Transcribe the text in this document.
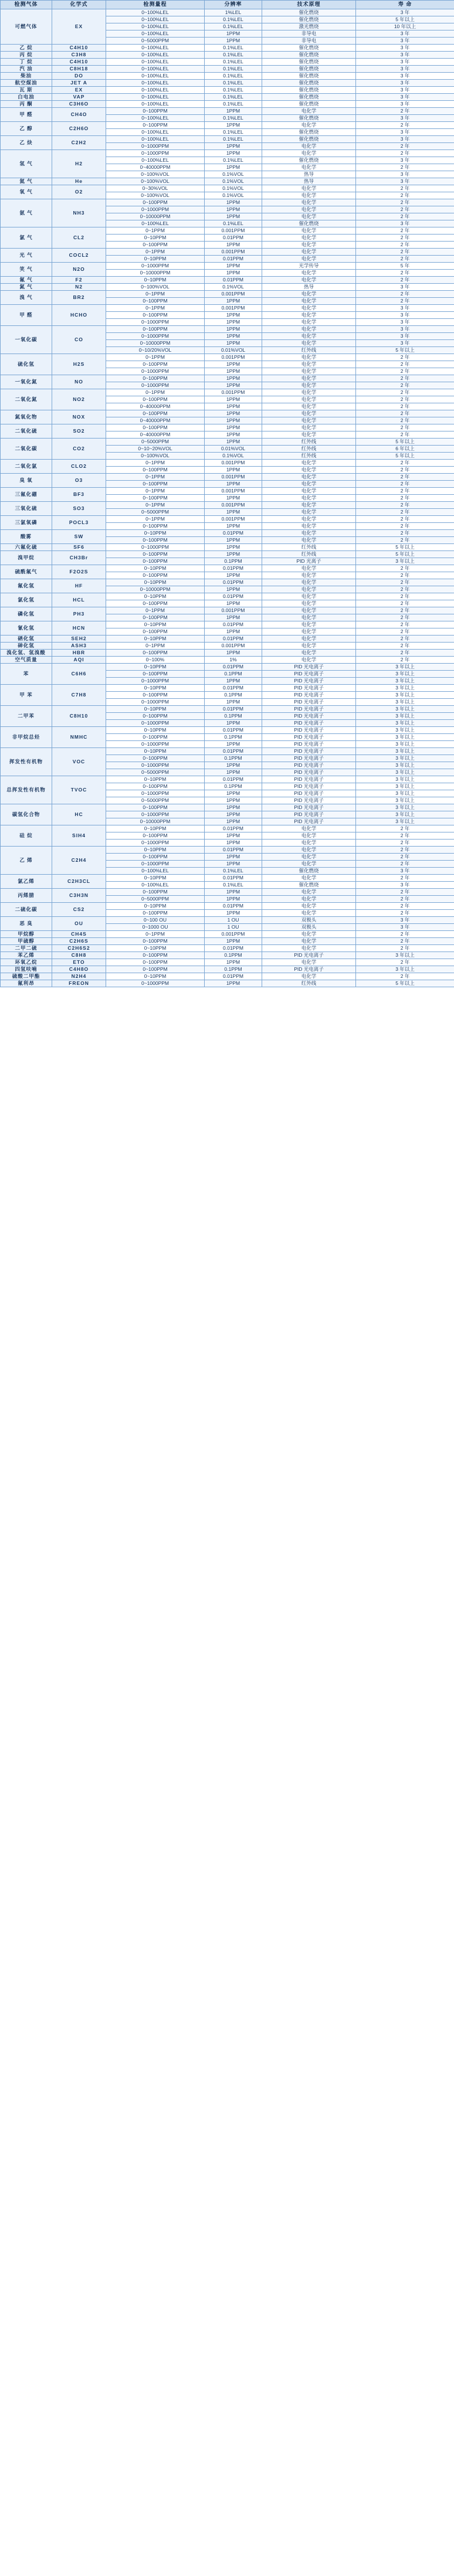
检测气体	化学式	检测量程	分辨率	技术原理	寿 命
可燃气体	EX	0~100%LEL	1%LEL	催化燃烧	3 年
		0~100%LEL	0.1%LEL	催化燃烧	5 年以上
		0~100%LEL	0.1%LEL	激光燃烧	10 年以上
		0~100%LEL	1PPM	非导电	3 年
		0~5000PPM	1PPM	非导电	3 年
乙 烷	C4H10	0~100%LEL	0.1%LEL	催化燃烧	3 年
丙 烷	C3H8	0~100%LEL	0.1%LEL	催化燃烧	3 年
丁 烷	C4H10	0~100%LEL	0.1%LEL	催化燃烧	3 年
汽 油	C8H18	0~100%LEL	0.1%LEL	催化燃烧	3 年
柴油	DO	0~100%LEL	0.1%LEL	催化燃烧	3 年
航空煤油	JET A	0~100%LEL	0.1%LEL	催化燃烧	3 年
瓦 斯	EX	0~100%LEL	0.1%LEL	催化燃烧	3 年
白电油	VAP	0~100%LEL	0.1%LEL	催化燃烧	3 年
丙 酮	C3H6O	0~100%LEL	0.1%LEL	催化燃烧	3 年
甲 醛	CH4O	0~100PPM	1PPM	电化学	2 年
		0~100%LEL	0.1%LEL	催化燃烧	3 年
乙 醇	C2H6O	0~100PPM	1PPM	电化学	2 年
		0~100%LEL	0.1%LEL	催化燃烧	3 年
乙 炔	C2H2	0~100%LEL	0.1%LEL	催化燃烧	3 年
		0~1000PPM	1PPM	电化学	2 年
氢 气	H2	0~1000PPM	1PPM	电化学	2 年
		0~100%LEL	0.1%LEL	催化燃烧	3 年
		0~40000PPM	1PPM	电化学	2 年
		0~100%VOL	0.1%VOL	热导	3 年
氦 气	He	0~100%VOL	0.1%VOL	热导	3 年
氧 气	O2	0~30%VOL	0.1%VOL	电化学	2 年
		0~100%VOL	0.1%VOL	电化学	2 年
氨 气	NH3	0~100PPM	1PPM	电化学	2 年
		0~1000PPM	1PPM	电化学	2 年
		0~10000PPM	1PPM	电化学	2 年
		0~100%LEL	0.1%LEL	催化燃烧	3 年
氯 气	CL2	0~1PPM	0.001PPM	电化学	2 年
		0~10PPM	0.01PPM	电化学	2 年
		0~100PPM	1PPM	电化学	2 年
光 气	COCL2	0~1PPM	0.001PPM	电化学	2 年
		0~10PPM	0.01PPM	电化学	2 年
笑 气	N2O	0~1000PPM	1PPM	光学传导	5 年
		0~10000PPM	1PPM	电化学	2 年
氟 气	F2	0~10PPM	0.01PPM	电化学	2 年
氮 气	N2	0~100%VOL	0.1%VOL	热导	3 年
溴 气	BR2	0~1PPM	0.001PPM	电化学	2 年
		0~100PPM	1PPM	电化学	2 年
甲 醛	HCHO	0~1PPM	0.001PPM	电化学	3 年
		0~100PPM	1PPM	电化学	3 年
		0~1000PPM	1PPM	电化学	3 年
一氧化碳	CO	0~100PPM	1PPM	电化学	3 年
		0~1000PPM	1PPM	电化学	3 年
		0~10000PPM	1PPM	电化学	3 年
		0~10/20%VOL	0.01%VOL	红外线	5 年以上
硫化氢	H2S	0~1PPM	0.001PPM	电化学	2 年
		0~100PPM	1PPM	电化学	2 年
		0~1000PPM	1PPM	电化学	2 年
一氧化氮	NO	0~100PPM	1PPM	电化学	2 年
		0~1000PPM	1PPM	电化学	2 年
二氧化氮	NO2	0~1PPM	0.001PPM	电化学	2 年
		0~100PPM	1PPM	电化学	2 年
		0~40000PPM	1PPM	电化学	2 年
氮氧化物	NOX	0~100PPM	1PPM	电化学	2 年
		0~40000PPM	1PPM	电化学	2 年
二氧化硫	SO2	0~100PPM	1PPM	电化学	2 年
		0~40000PPM	1PPM	电化学	2 年
二氧化碳	CO2	0~5000PPM	1PPM	红外线	5 年以上
		0~10~20%VOL	0.01%VOL	红外线	6 年以上
		0~100%VOL	0.1%VOL	红外线	5 年以上
二氧化氯	CLO2	0~1PPM	0.001PPM	电化学	2 年
		0~100PPM	1PPM	电化学	2 年
臭 氧	O3	0~1PPM	0.001PPM	电化学	2 年
		0~100PPM	1PPM	电化学	2 年
三氟化硼	BF3	0~1PPM	0.001PPM	电化学	2 年
		0~100PPM	1PPM	电化学	2 年
三氧化硫	SO3	0~1PPM	0.001PPM	电化学	2 年
		0~5000PPM	1PPM	电化学	2 年
三氯氧磷	POCL3	0~1PPM	0.001PPM	电化学	2 年
		0~100PPM	1PPM	电化学	2 年
酸雾	SW	0~10PPM	0.01PPM	电化学	2 年
		0~100PPM	1PPM	电化学	2 年
六氟化硫	SF6	0~1000PPM	1PPM	红外线	5 年以上
溴甲烷	CH3Br	0~100PPM	1PPM	红外线	5 年以上
		0~100PPM	0.1PPM	PID 光离子	3 年以上
硫酰氟气	F2O2S	0~10PPM	0.01PPM	电化学	2 年
		0~100PPM	1PPM	电化学	2 年
氟化氢	HF	0~10PPM	0.01PPM	电化学	2 年
		0~10000PPM	1PPM	电化学	2 年
氯化氢	HCL	0~10PPM	0.01PPM	电化学	2 年
		0~100PPM	1PPM	电化学	2 年
磷化氢	PH3	0~1PPM	0.001PPM	电化学	2 年
		0~100PPM	1PPM	电化学	2 年
氰化氢	HCN	0~10PPM	0.01PPM	电化学	2 年
		0~100PPM	1PPM	电化学	2 年
硒化氢	SEH2	0~10PPM	0.01PPM	电化学	2 年
砷化氢	ASH3	0~1PPM	0.001PPM	电化学	2 年
溴化氢、氢溴酸	HBR	0~100PPM	1PPM	电化学	2 年
空气质量	AQI	0~100%	1%	电化学	2 年
苯	C6H6	0~10PPM	0.01PPM	PID 光电离子	3 年以上
		0~100PPM	0.1PPM	PID 光电离子	3 年以上
		0~1000PPM	1PPM	PID 光电离子	3 年以上
甲 苯	C7H8	0~10PPM	0.01PPM	PID 光电离子	3 年以上
		0~100PPM	0.1PPM	PID 光电离子	3 年以上
		0~1000PPM	1PPM	PID 光电离子	3 年以上
二甲苯	C8H10	0~10PPM	0.01PPM	PID 光电离子	3 年以上
		0~100PPM	0.1PPM	PID 光电离子	3 年以上
		0~1000PPM	1PPM	PID 光电离子	3 年以上
非甲烷总烃	NMHC	0~10PPM	0.01PPM	PID 光电离子	3 年以上
		0~100PPM	0.1PPM	PID 光电离子	3 年以上
		0~1000PPM	1PPM	PID 光电离子	3 年以上
挥发性有机物	VOC	0~10PPM	0.01PPM	PID 光电离子	3 年以上
		0~100PPM	0.1PPM	PID 光电离子	3 年以上
		0~1000PPM	1PPM	PID 光电离子	3 年以上
		0~5000PPM	1PPM	PID 光电离子	3 年以上
总挥发性有机物	TVOC	0~10PPM	0.01PPM	PID 光电离子	3 年以上
		0~100PPM	0.1PPM	PID 光电离子	3 年以上
		0~1000PPM	1PPM	PID 光电离子	3 年以上
		0~5000PPM	1PPM	PID 光电离子	3 年以上
碳氢化合物	HC	0~100PPM	1PPM	PID 光电离子	3 年以上
		0~1000PPM	1PPM	PID 光电离子	3 年以上
		0~10000PPM	1PPM	PID 光电离子	3 年以上
硅 烷	SIH4	0~10PPM	0.01PPM	电化学	2 年
		0~100PPM	1PPM	电化学	2 年
		0~1000PPM	1PPM	电化学	2 年
乙 烯	C2H4	0~10PPM	0.01PPM	电化学	2 年
		0~100PPM	1PPM	电化学	2 年
		0~1000PPM	1PPM	电化学	2 年
		0~100%LEL	0.1%LEL	催化燃烧	3 年
氯乙烯	C2H3CL	0~10PPM	0.01PPM	电化学	2 年
		0~100%LEL	0.1%LEL	催化燃烧	3 年
丙烯腈	C3H3N	0~100PPM	1PPM	电化学	2 年
		0~5000PPM	1PPM	电化学	2 年
二硫化碳	CS2	0~10PPM	0.01PPM	电化学	2 年
		0~100PPM	1PPM	电化学	2 年
恶 臭	OU	0~100 OU	1 OU	双极头	3 年
		0~1000 OU	1 OU	双极头	3 年
甲烷醇	CH4S	0~1PPM	0.001PPM	电化学	2 年
甲硫醇	C2H6S	0~100PPM	1PPM	电化学	2 年
二甲二硫	C2H6S2	0~10PPM	0.01PPM	电化学	2 年
苯乙烯	C8H8	0~100PPM	0.1PPM	PID 光电离子	3 年以上
环氧乙烷	ETO	0~100PPM	1PPM	电化学	2 年
四氢呋喃	C4H8O	0~100PPM	0.1PPM	PID 光电离子	3 年以上
硫酸二甲酯	N2H4	0~10PPM	0.01PPM	电化学	2 年
氟利昂	FREON	0~1000PPM	1PPM	红外线	5 年以上
